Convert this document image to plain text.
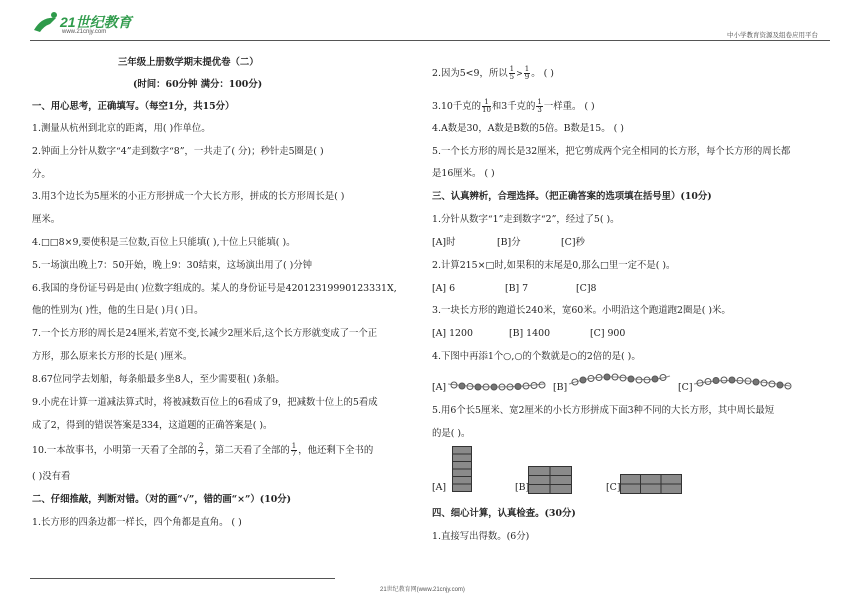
21世纪教育
www.21cnjy.com	中小学教育资源及组卷应用平台
三年级上册数学期末提优卷（二）
(时间：60分钟 满分：100分)
一、用心思考，正确填写。（每空1分，共15分）
1.测量从杭州到北京的距离，用( )作单位。
2.钟面上分针从数字“4”走到数字“8”，一共走了( 分)；秒针走5圈是( )
分。
3.用3个边长为5厘米的小正方形拼成一个大长方形，拼成的长方形周长是( )
厘米。
4.□□8×9,要使积是三位数,百位上只能填( ),十位上只能填( )。
5.一场演出晚上7：50开始，晚上9：30结束，这场演出用了( )分钟
6.我国的身份证号码是由( )位数字组成的。某人的身份证号是42012319990123331X,
他的性别为( )性，他的生日是( )月( )日。
7.一个长方形的周长是24厘米,若宽不变,长减少2厘米后,这个长方形就变成了一个正
方形，那么原来长方形的长是( )厘米。
8.67位同学去划船，每条船最多坐8人，至少需要租( )条船。
9.小虎在计算一道减法算式时，将被减数百位上的6看成了9，把减数十位上的5看成
成了2，得到的错误答案是334，这道题的正确答案是( )。
10.一本故事书，小明第一天看了全部的 $\frac{2}{7}$ ，第二天看了全部的 $\frac{1}{7}$ ，他还剩下全书的
( )没有看
二、仔细推敲，判断对错。（对的画“√”，错的画“×”）(10分)
1.长方形的四条边都一样长，四个角都是直角。 ( )
2.因为5<9，所以 $\frac{1}{5} > \frac{1}{9}$ 。 ( )
3.10千克的 $\frac{1}{10}$ 和3千克的 $\frac{1}{3}$ 一样重。 ( )
4.A数是30，A数是B数的5倍。B数是15。 ( )
5.一个长方形的周长是32厘米，把它剪成两个完全相同的长方形，每个长方形的周长都
是16厘米。 ( )
三、认真辨析，合理选择。（把正确答案的选项填在括号里）(10分)
1.分针从数字“1”走到数字“2”，经过了5( )。
[A]时	[B]分	[C]秒
2.计算215×□时,如果积的末尾是0,那么□里一定不是( )。
[A] 6	[B] 7	[C]8
3.一块长方形的跑道长240米，宽60米。小明沿这个跑道跑2圈是( )米。
[A] 1200	[B] 1400	[C] 900
4.下图中再添1个○,○的个数就是○的2倍的是( )。
[A]	[B]	[C]
5.用6个长5厘米、宽2厘米的小长方形拼成下面3种不同的大长方形，其中周长最短
的是( )。
[A]	[B]	[C]
四、细心计算，认真检查。(30分)
1.直接写出得数。(6分)
21世纪教育网(www.21cnjy.com)
